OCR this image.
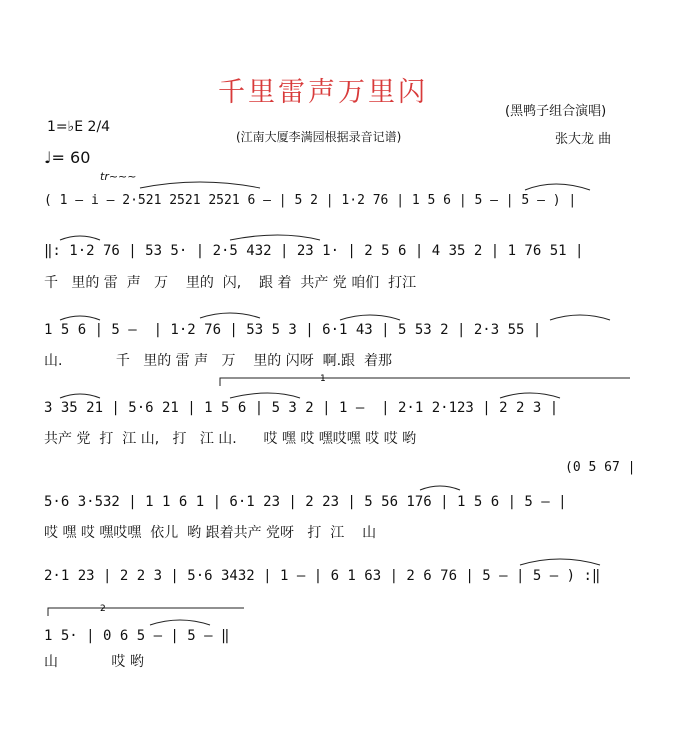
1
2
千里雷声万里闪
(黑鸭子组合演唱)
(江南大厦李满园根据录音记谱)	张大龙 曲
1=♭E 2/4
♩= 60
tr~~~
( 1 – i – 2·521 2521 2521 6 – | 5 2 | 1·2 76 | 1 5 6 | 5 – | 5 – ) |
‖: 1·2 76 | 53 5· | 2·5 432 | 23 1· | 2 5 6 | 4 35 2 | 1 76 51 |
千   里的 雷  声   万    里的  闪,    跟 着  共产 党 咱们  打江
1 5 6 | 5 –  | 1·2 76 | 53 5 3 | 6·1 43 | 5 53 2 | 2·3 55 |
山.            千   里的 雷 声   万    里的 闪呀  啊.跟  着那
3 35 21 | 5·6 21 | 1 5 6 | 5 3 2 | 1 –  | 2·1 2·123 | 2 2 3 |
共产 党  打  江 山,   打   江 山.      哎 嘿 哎 嘿哎嘿 哎 哎 哟
(0 5 67 |
5·6 3·532 | 1 1 6 1 | 6·1 23 | 2 23 | 5 56 176 | 1 5 6 | 5 – |
哎 嘿 哎 嘿哎嘿  依儿  哟 跟着共产 党呀   打  江    山
2·1 23 | 2 2 3 | 5·6 3432 | 1 – | 6 1 63 | 2 6 76 | 5 – | 5 – ) :‖
1 5· | 0 6 5 – | 5 – ‖
山            哎 哟
